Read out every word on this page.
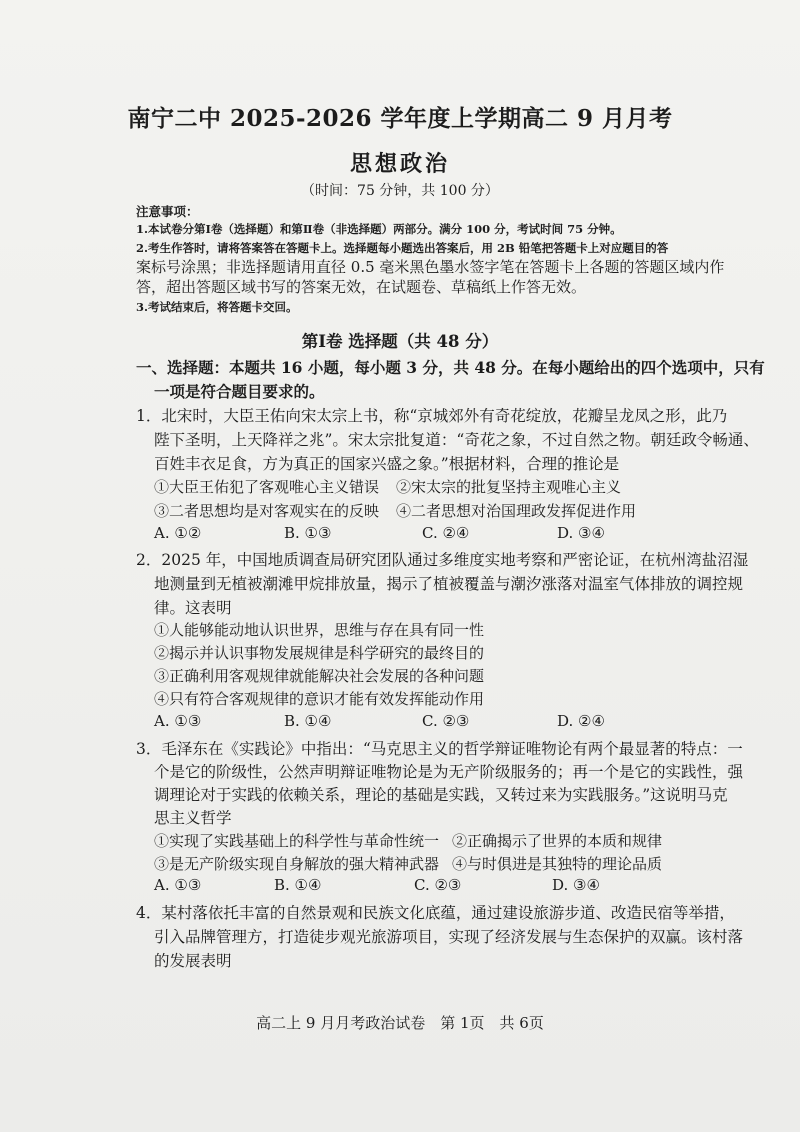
南宁二中 2025-2026 学年度上学期高二 9 月月考
思想政治
（时间：75 分钟，共 100 分）
注意事项：
1.本试卷分第Ⅰ卷（选择题）和第Ⅱ卷（非选择题）两部分。满分 100 分，考试时间 75 分钟。
2.考生作答时，请将答案答在答题卡上。选择题每小题选出答案后，用 2B 铅笔把答题卡上对应题目的答
案标号涂黑；非选择题请用直径 0.5 毫米黑色墨水签字笔在答题卡上各题的答题区域内作
答，超出答题区域书写的答案无效，在试题卷、草稿纸上作答无效。
3.考试结束后，将答题卡交回。
第Ⅰ卷 选择题（共 48 分）
一、选择题：本题共 16 小题，每小题 3 分，共 48 分。在每小题给出的四个选项中，只有
一项是符合题目要求的。
1．北宋时，大臣王佑向宋太宗上书，称“京城郊外有奇花绽放，花瓣呈龙凤之形，此乃
陛下圣明，上天降祥之兆”。宋太宗批复道：“奇花之象，不过自然之物。朝廷政令畅通、
百姓丰衣足食，方为真正的国家兴盛之象。”根据材料，合理的推论是
①大臣王佑犯了客观唯心主义错误 ②宋太宗的批复坚持主观唯心主义
③二者思想均是对客观实在的反映 ④二者思想对治国理政发挥促进作用
A. ①②	B. ①③	C. ②④	D. ③④
2．2025 年，中国地质调查局研究团队通过多维度实地考察和严密论证，在杭州湾盐沼湿
地测量到无植被潮滩甲烷排放量，揭示了植被覆盖与潮汐涨落对温室气体排放的调控规
律。这表明
①人能够能动地认识世界，思维与存在具有同一性
②揭示并认识事物发展规律是科学研究的最终目的
③正确利用客观规律就能解决社会发展的各种问题
④只有符合客观规律的意识才能有效发挥能动作用
A. ①③	B. ①④	C. ②③	D. ②④
3．毛泽东在《实践论》中指出：“马克思主义的哲学辩证唯物论有两个最显著的特点：一
个是它的阶级性，公然声明辩证唯物论是为无产阶级服务的；再一个是它的实践性，强
调理论对于实践的依赖关系，理论的基础是实践，又转过来为实践服务。”这说明马克
思主义哲学
①实现了实践基础上的科学性与革命性统一 ②正确揭示了世界的本质和规律
③是无产阶级实现自身解放的强大精神武器 ④与时俱进是其独特的理论品质
A. ①③	B. ①④	C. ②③	D. ③④
4．某村落依托丰富的自然景观和民族文化底蕴，通过建设旅游步道、改造民宿等举措，
引入品牌管理方，打造徒步观光旅游项目，实现了经济发展与生态保护的双赢。该村落
的发展表明
高二上 9 月月考政治试卷　第 1页　共 6页
